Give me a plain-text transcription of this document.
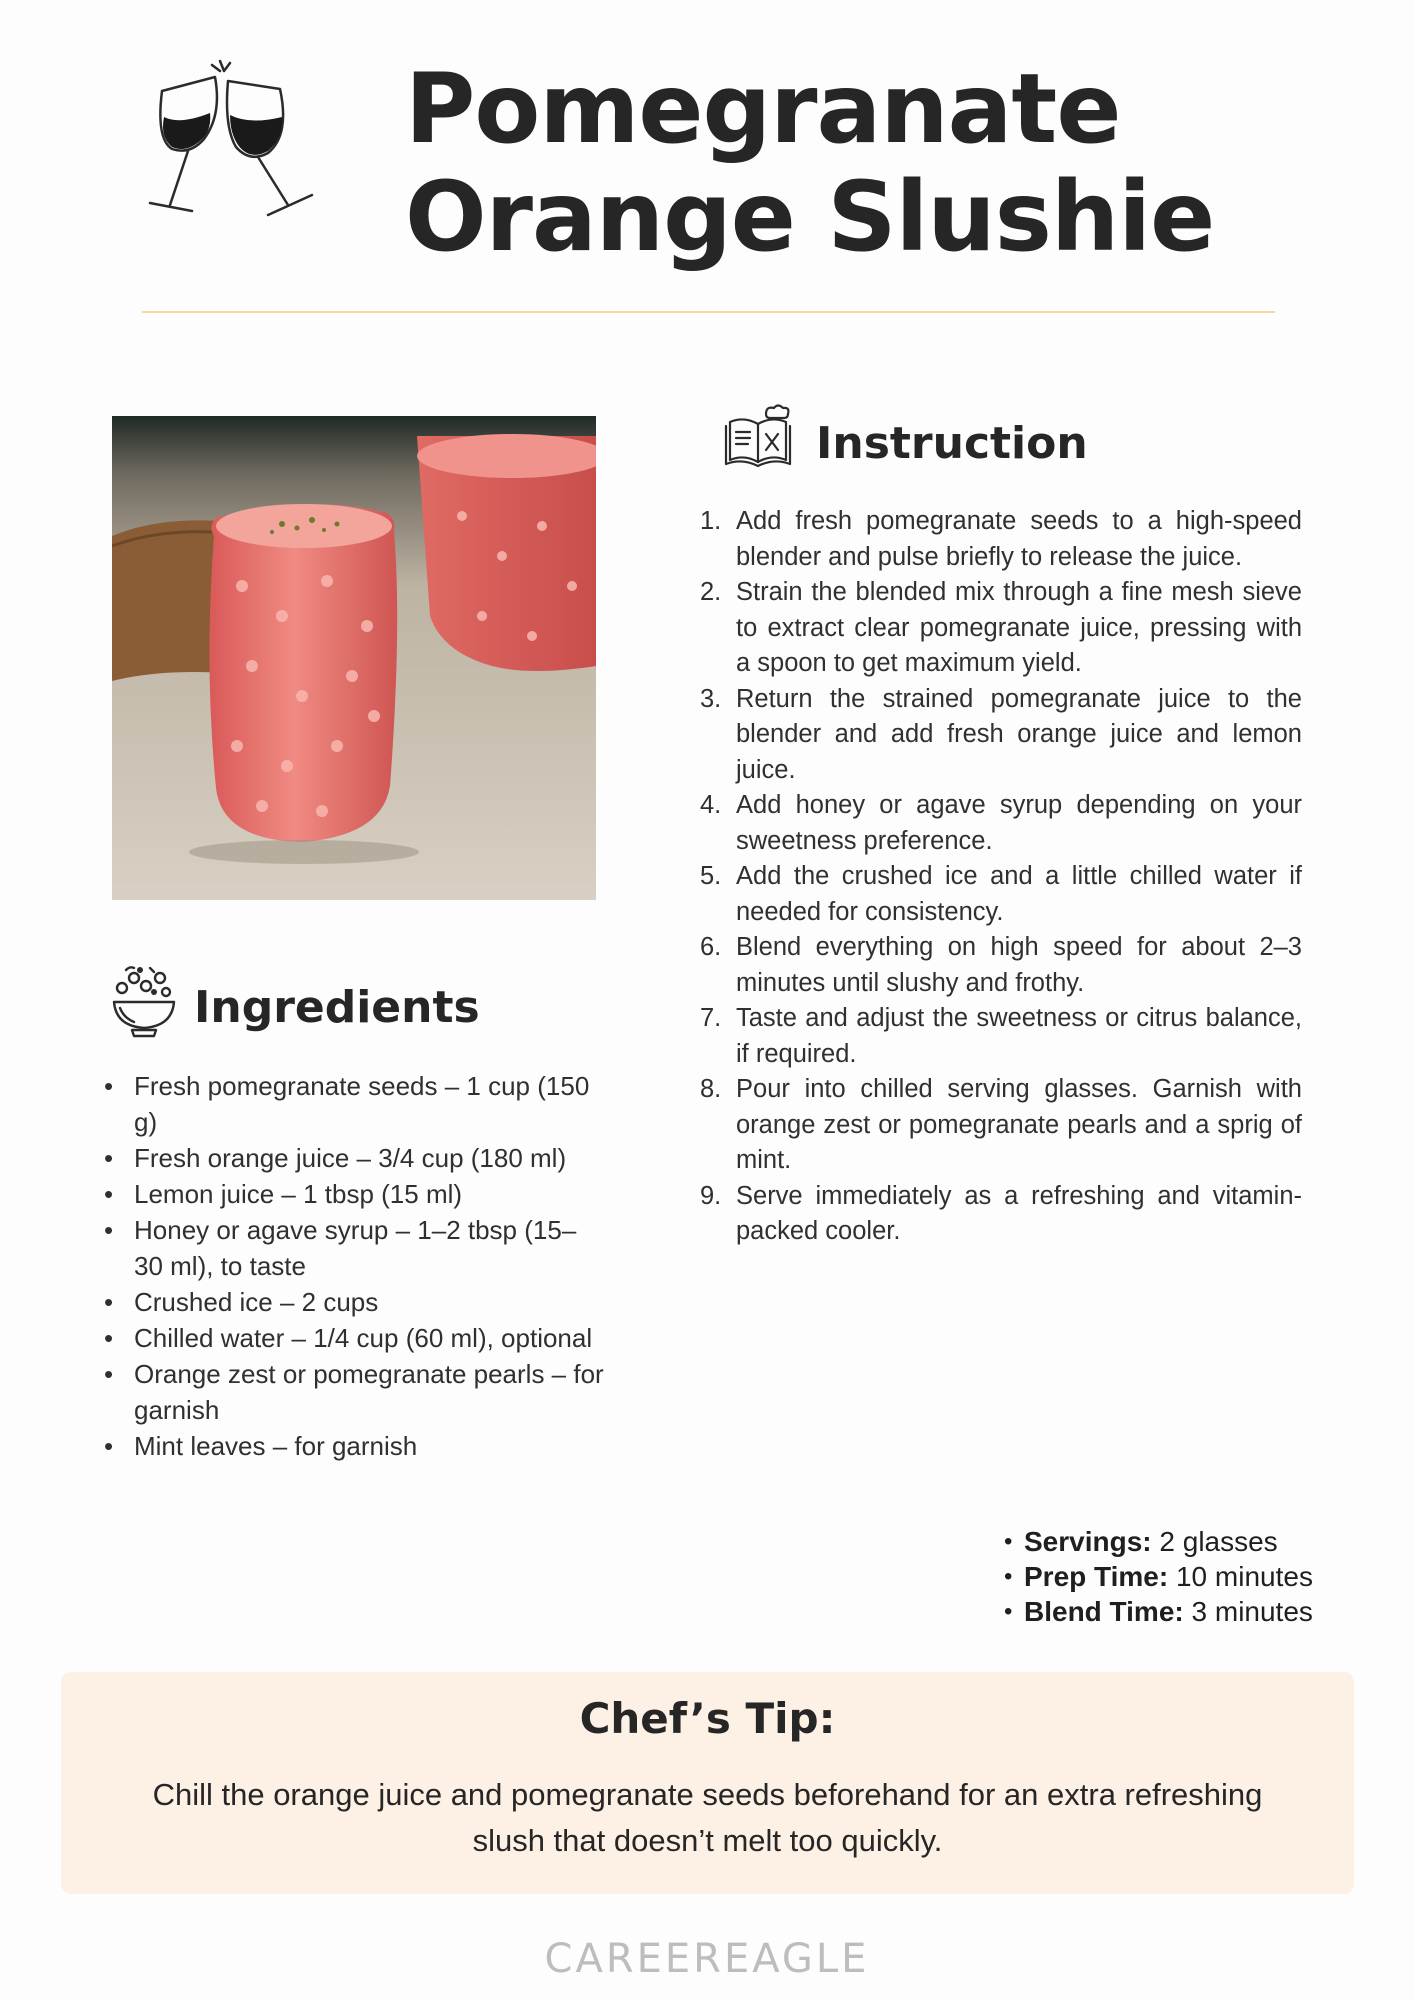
Pomegranate
Orange Slushie
Instruction
1. Add fresh pomegranate seeds to a high-speed blender and pulse briefly to release the juice.
2. Strain the blended mix through a fine mesh sieve to extract clear pomegranate juice, pressing with a spoon to get maximum yield.
3. Return the strained pomegranate juice to the blender and add fresh orange juice and lemon juice.
4. Add honey or agave syrup depending on your sweetness preference.
5. Add the crushed ice and a little chilled water if needed for consistency.
6. Blend everything on high speed for about 2–3 minutes until slushy and frothy.
7. Taste and adjust the sweetness or citrus balance, if required.
8. Pour into chilled serving glasses. Garnish with orange zest or pomegranate pearls and a sprig of mint.
9. Serve immediately as a refreshing and vitamin-packed cooler.
Ingredients
• Fresh pomegranate seeds – 1 cup (150 g)
• Fresh orange juice – 3/4 cup (180 ml)
• Lemon juice – 1 tbsp (15 ml)
• Honey or agave syrup – 1–2 tbsp (15–30 ml), to taste
• Crushed ice – 2 cups
• Chilled water – 1/4 cup (60 ml), optional
• Orange zest or pomegranate pearls – for garnish
• Mint leaves – for garnish
• Servings: 2 glasses
• Prep Time: 10 minutes
• Blend Time: 3 minutes
Chef’s Tip:
Chill the orange juice and pomegranate seeds beforehand for an extra refreshing slush that doesn’t melt too quickly.
CAREEREAGLE
